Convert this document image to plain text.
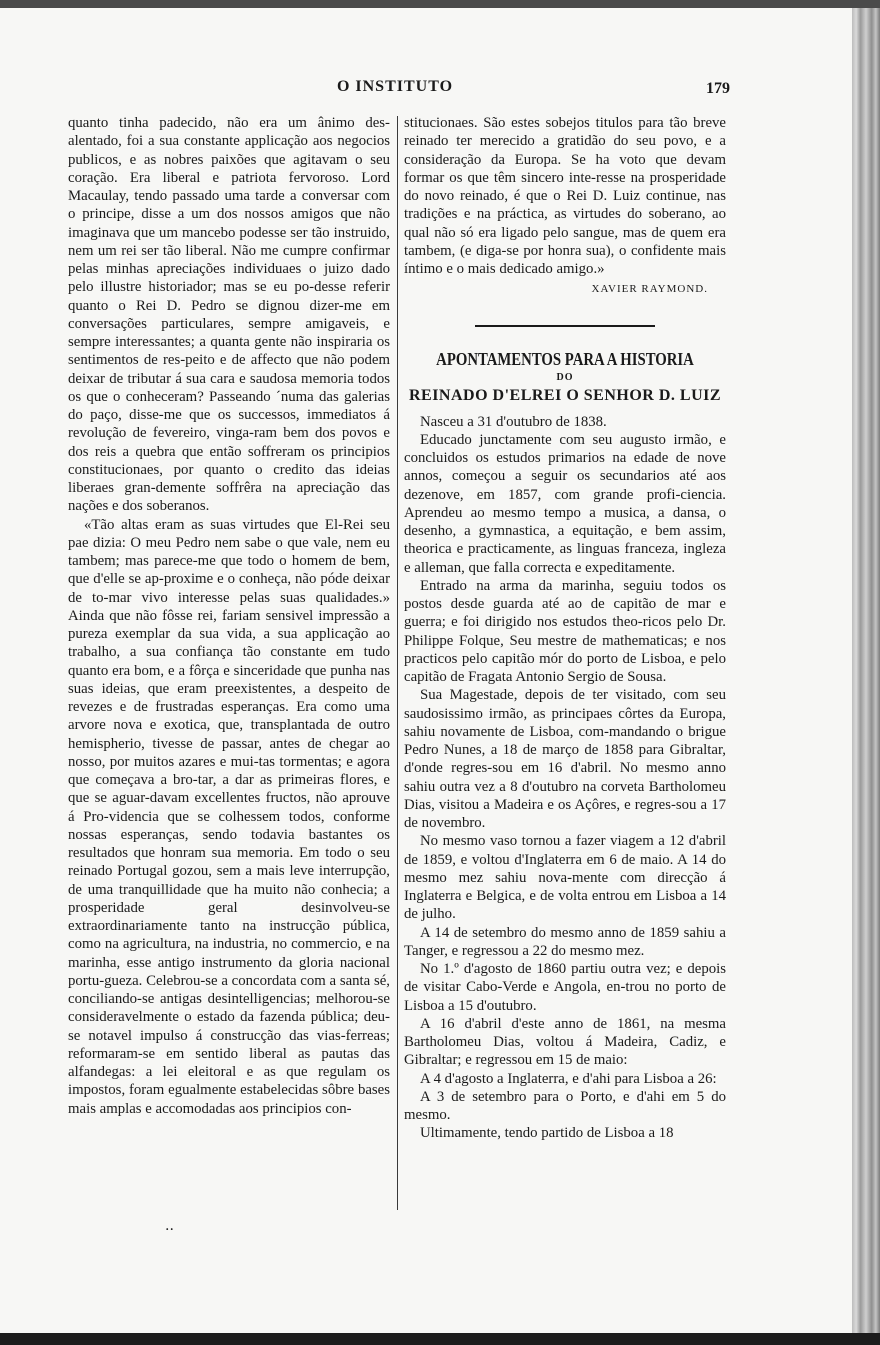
O INSTITUTO	179

quanto tinha padecido, não era um ânimo des-alentado, foi a sua constante applicação aos negocios publicos, e as nobres paixões que agitavam o seu coração. Era liberal e patriota fervoroso. Lord Macaulay, tendo passado uma tarde a conversar com o principe, disse a um dos nossos amigos que não imaginava que um mancebo podesse ser tão instruido, nem um rei ser tão liberal. Não me cumpre confirmar pelas minhas apreciações individuaes o juizo dado pelo illustre historiador; mas se eu po-desse referir quanto o Rei D. Pedro se dignou dizer-me em conversações particulares, sempre amigaveis, e sempre interessantes; a quanta gente não inspiraria os sentimentos de res-peito e de affecto que não podem deixar de tributar á sua cara e saudosa memoria todos os que o conheceram? Passeando ´numa das galerias do paço, disse-me que os successos, immediatos á revolução de fevereiro, vinga-ram bem dos povos e dos reis a quebra que então soffreram os principios constitucionaes, por quanto o credito das ideias liberaes gran-demente soffrêra na apreciação das nações e dos soberanos.

«Tão altas eram as suas virtudes que El-Rei seu pae dizia: O meu Pedro nem sabe o que vale, nem eu tambem; mas parece-me que todo o homem de bem, que d'elle se ap-proxime e o conheça, não póde deixar de to-mar vivo interesse pelas suas qualidades.» Ainda que não fôsse rei, fariam sensivel impressão a pureza exemplar da sua vida, a sua applicação ao trabalho, a sua confiança tão constante em tudo quanto era bom, e a fôrça e sinceridade que punha nas suas ideias, que eram preexistentes, a despeito de revezes e de frustradas esperanças. Era como uma arvore nova e exotica, que, transplantada de outro hemispherio, tivesse de passar, antes de chegar ao nosso, por muitos azares e mui-tas tormentas; e agora que começava a bro-tar, a dar as primeiras flores, e que se aguar-davam excellentes fructos, não aprouve á Pro-videncia que se colhessem todos, conforme nossas esperanças, sendo todavia bastantes os resultados que honram sua memoria. Em todo o seu reinado Portugal gozou, sem a mais leve interrupção, de uma tranquillidade que ha muito não conhecia; a prosperidade geral desinvolveu-se extraordinariamente tanto na instrucção pública, como na agricultura, na industria, no commercio, e na marinha, esse antigo instrumento da gloria nacional portu-gueza. Celebrou-se a concordata com a santa sé, conciliando-se antigas desintelligencias; melhorou-se consideravelmente o estado da fazenda pública; deu-se notavel impulso á construcção das vias-ferreas; reformaram-se em sentido liberal as pautas das alfandegas: a lei eleitoral e as que regulam os impostos, foram egualmente estabelecidas sôbre bases mais amplas e accomodadas aos principios con-

..

stitucionaes. São estes sobejos titulos para tão breve reinado ter merecido a gratidão do seu povo, e a consideração da Europa. Se ha voto que devam formar os que têm sincero inte-resse na prosperidade do novo reinado, é que o Rei D. Luiz continue, nas tradições e na práctica, as virtudes do soberano, ao qual não só era ligado pelo sangue, mas de quem era tambem, (e diga-se por honra sua), o confidente mais íntimo e o mais dedicado amigo.»

XAVIER RAYMOND.
APONTAMENTOS PARA A HISTORIA
DO
REINADO D'ELREI O SENHOR D. LUIZ

Nasceu a 31 d'outubro de 1838.

Educado junctamente com seu augusto irmão, e concluidos os estudos primarios na edade de nove annos, começou a seguir os secundarios até aos dezenove, em 1857, com grande profi-ciencia. Aprendeu ao mesmo tempo a musica, a dansa, o desenho, a gymnastica, a equitação, e bem assim, theorica e practicamente, as linguas franceza, ingleza e alleman, que falla correcta e expeditamente.

Entrado na arma da marinha, seguiu todos os postos desde guarda até ao de capitão de mar e guerra; e foi dirigido nos estudos theo-ricos pelo Dr. Philippe Folque, Seu mestre de mathematicas; e nos practicos pelo capitão mór do porto de Lisboa, e pelo capitão de Fragata Antonio Sergio de Sousa.

Sua Magestade, depois de ter visitado, com seu saudosissimo irmão, as principaes côrtes da Europa, sahiu novamente de Lisboa, com-mandando o brigue Pedro Nunes, a 18 de março de 1858 para Gibraltar, d'onde regres-sou em 16 d'abril. No mesmo anno sahiu outra vez a 8 d'outubro na corveta Bartholomeu Dias, visitou a Madeira e os Açôres, e regres-sou a 17 de novembro.

No mesmo vaso tornou a fazer viagem a 12 d'abril de 1859, e voltou d'Inglaterra em 6 de maio. A 14 do mesmo mez sahiu nova-mente com direcção á Inglaterra e Belgica, e de volta entrou em Lisboa a 14 de julho.

A 14 de setembro do mesmo anno de 1859 sahiu a Tanger, e regressou a 22 do mesmo mez.

No 1.º d'agosto de 1860 partiu outra vez; e depois de visitar Cabo-Verde e Angola, en-trou no porto de Lisboa a 15 d'outubro.

A 16 d'abril d'este anno de 1861, na mesma Bartholomeu Dias, voltou á Madeira, Cadiz, e Gibraltar; e regressou em 15 de maio:

A 4 d'agosto a Inglaterra, e d'ahi para Lisboa a 26:

A 3 de setembro para o Porto, e d'ahi em 5 do mesmo.

Ultimamente, tendo partido de Lisboa a 18
